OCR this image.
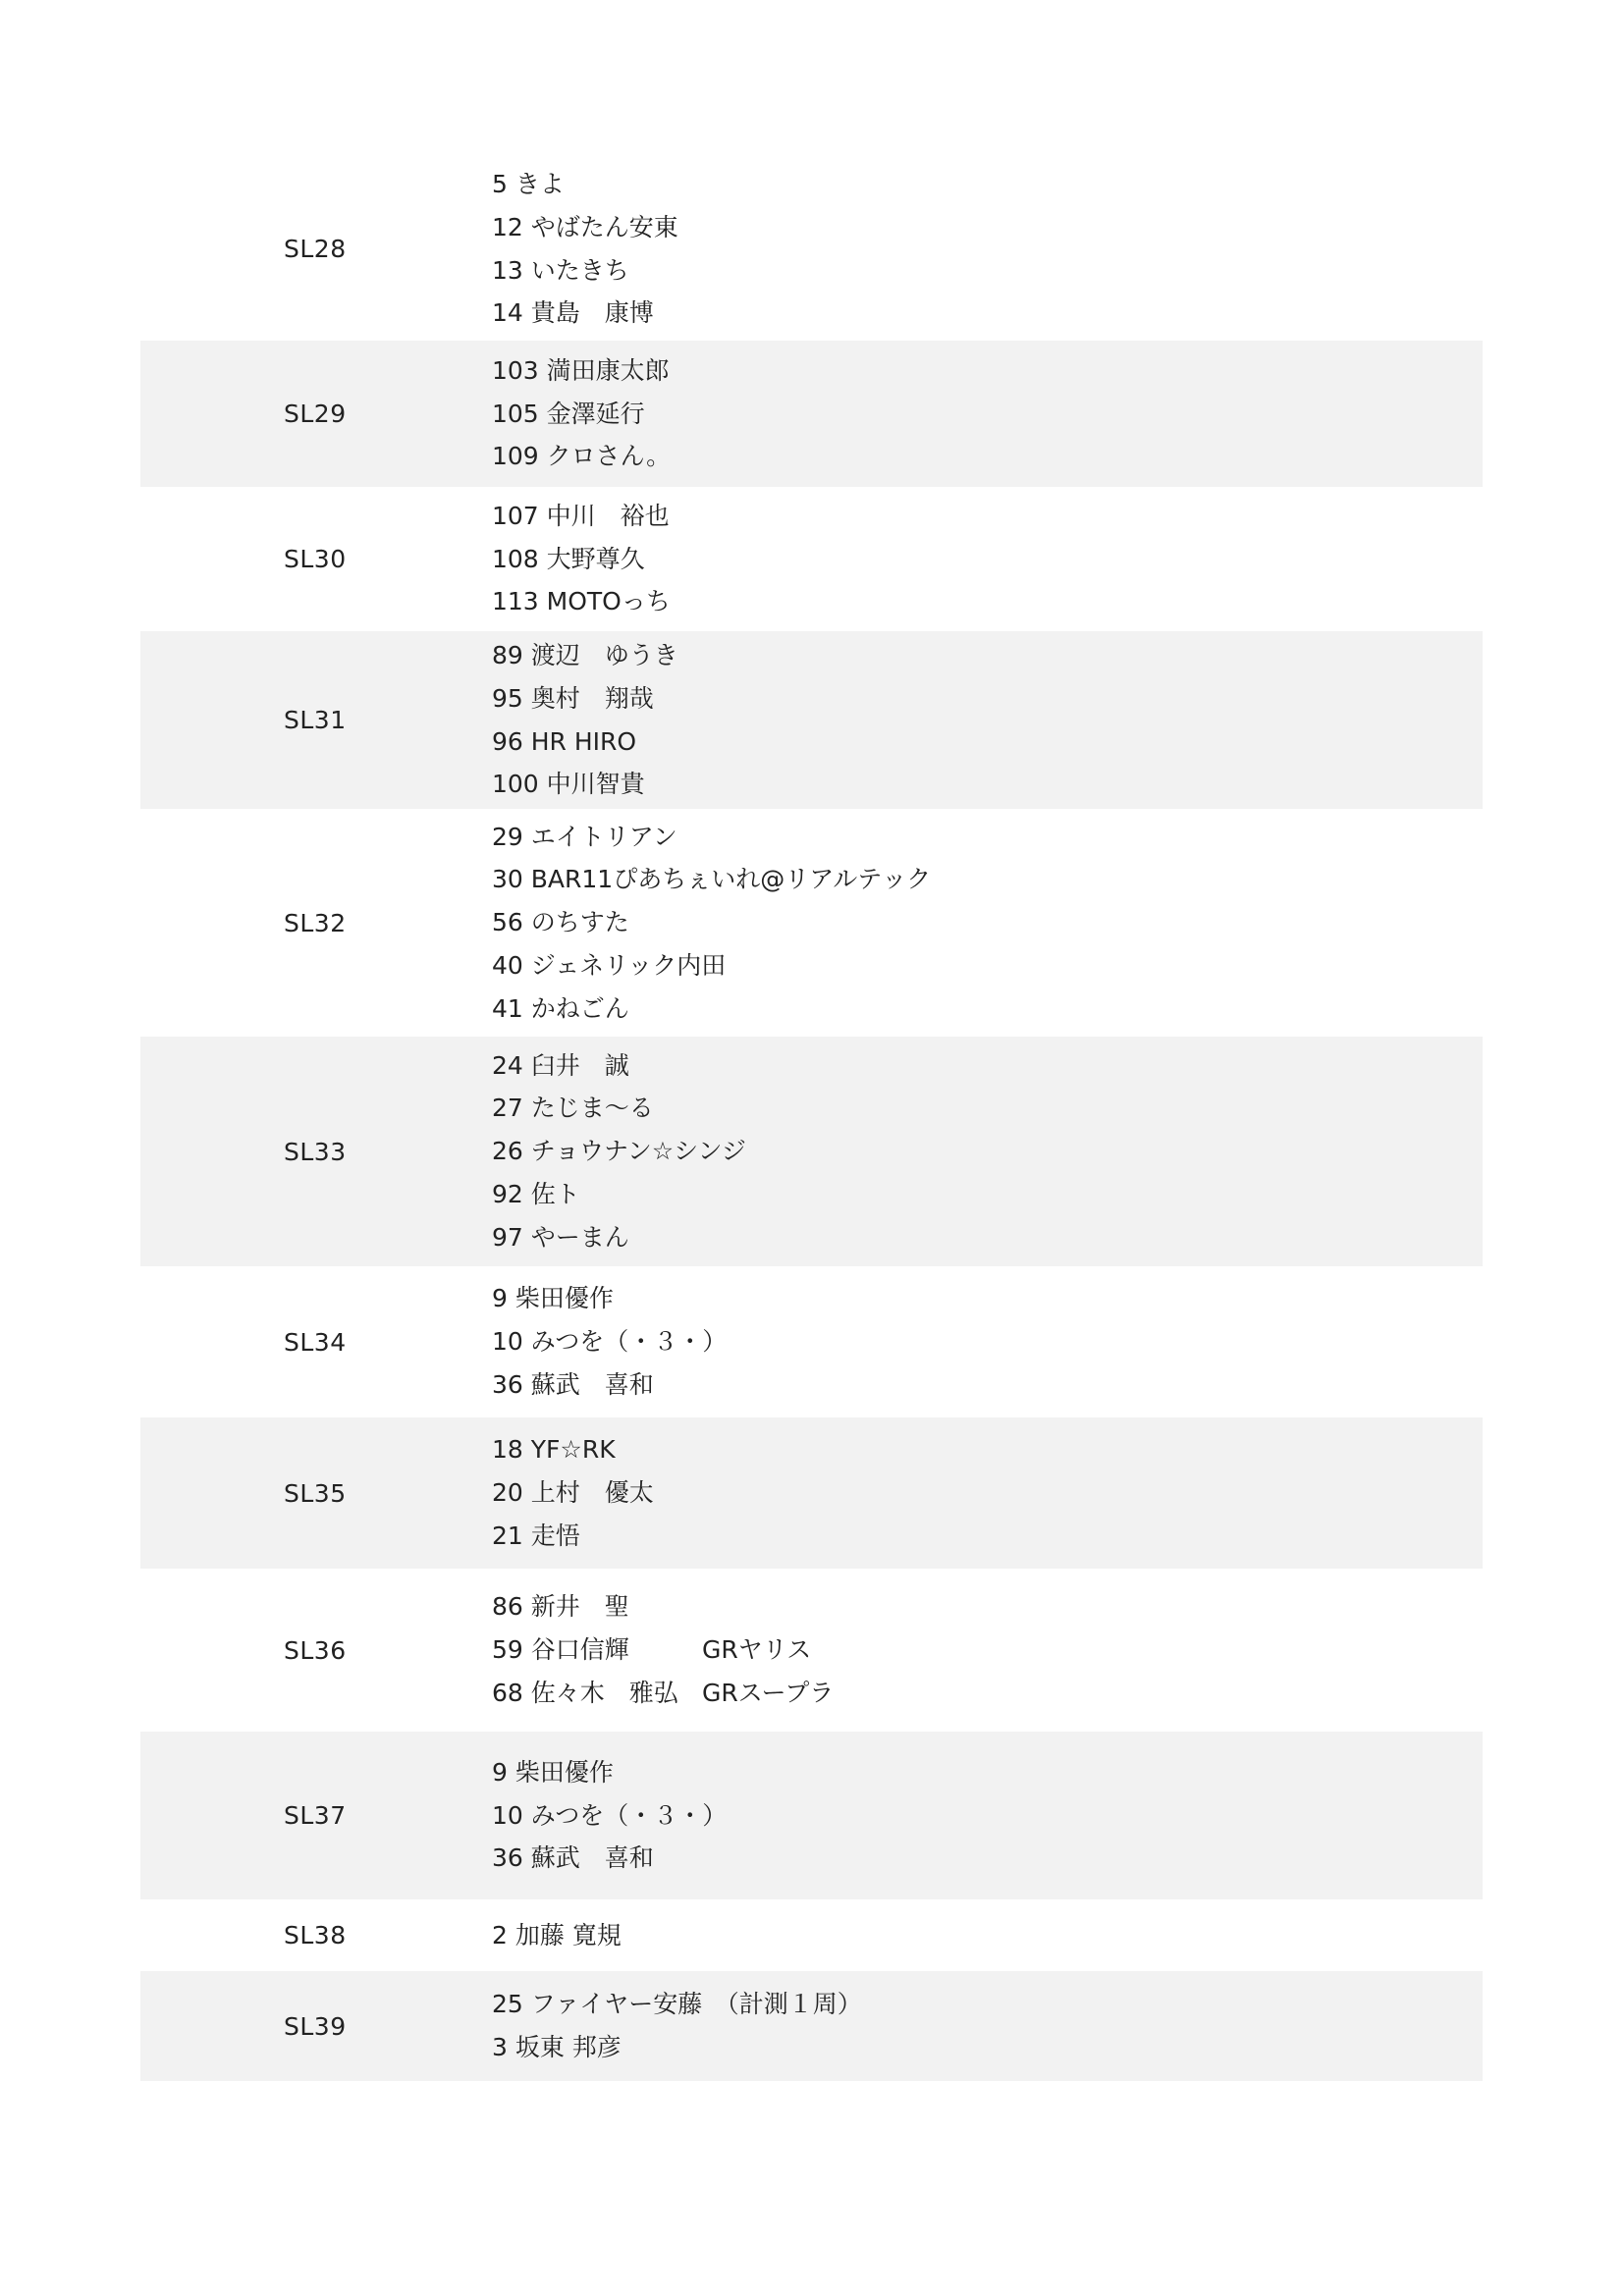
SL28
5 きよ
12 やばたん安東
13 いたきち
14 貴島　康博
SL29
103 満田康太郎
105 金澤延行
109 クロさん。
SL30
107 中川　裕也
108 大野尊久
113 MOTOっち
SL31
89 渡辺　ゆうき
95 奥村　翔哉
96 HR HIRO
100 中川智貴
SL32
29 エイトリアン
30 BAR11ぴあちぇいれ@リアルテック
56 のちすた
40 ジェネリック内田
41 かねごん
SL33
24 臼井　誠
27 たじま〜る
26 チョウナン☆シンジ
92 佐ト
97 やーまん
SL34
9 柴田優作
10 みつを（・３・）
36 蘇武　喜和
SL35
18 YF☆RK
20 上村　優太
21 走悟
SL36
86 新井　聖
59 谷口信輝	GRヤリス
68 佐々木　雅弘 GRスープラ
SL37
9 柴田優作
10 みつを（・３・）
36 蘇武　喜和
SL38	2 加藤 寛規
SL39
25 ファイヤー安藤　（計測１周）
3 坂東 邦彦
